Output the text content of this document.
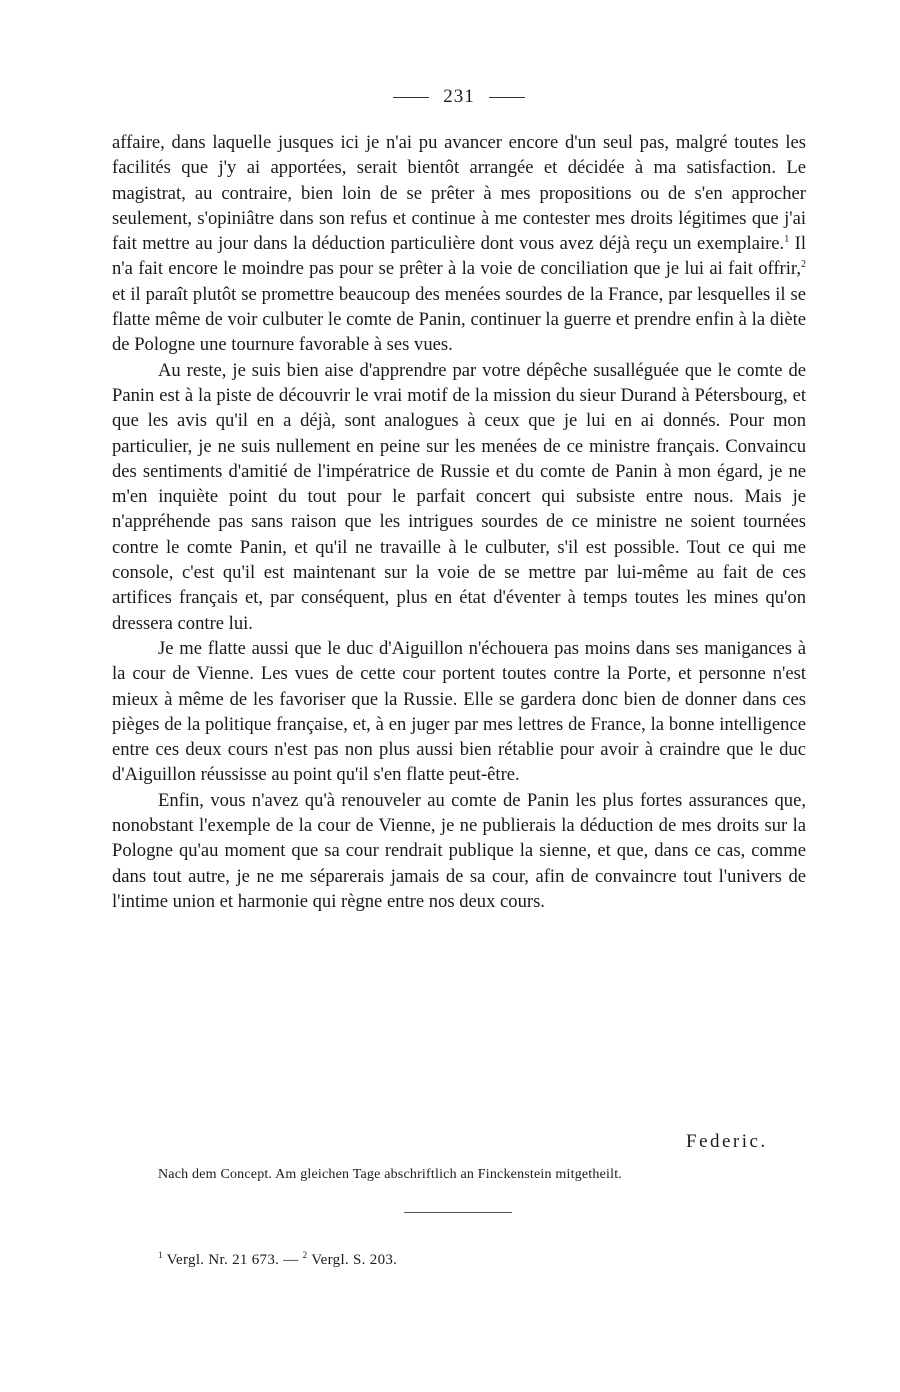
231

affaire, dans laquelle jusques ici je n'ai pu avancer encore d'un seul pas, malgré toutes les facilités que j'y ai apportées, serait bientôt arrangée et décidée à ma satisfaction. Le magistrat, au contraire, bien loin de se prêter à mes propositions ou de s'en approcher seulement, s'opiniâtre dans son refus et continue à me contester mes droits légitimes que j'ai fait mettre au jour dans la déduction particulière dont vous avez déjà reçu un exemplaire.$^1$ Il n'a fait encore le moindre pas pour se prêter à la voie de conciliation que je lui ai fait offrir,$^2$ et il paraît plutôt se promettre beaucoup des menées sourdes de la France, par lesquelles il se flatte même de voir culbuter le comte de Panin, continuer la guerre et prendre enfin à la diète de Pologne une tournure favorable à ses vues.

Au reste, je suis bien aise d'apprendre par votre dépêche susalléguée que le comte de Panin est à la piste de découvrir le vrai motif de la mission du sieur Durand à Pétersbourg, et que les avis qu'il en a déjà, sont analogues à ceux que je lui en ai donnés. Pour mon particulier, je ne suis nullement en peine sur les menées de ce ministre français. Convaincu des sentiments d'amitié de l'impératrice de Russie et du comte de Panin à mon égard, je ne m'en inquiète point du tout pour le parfait concert qui subsiste entre nous. Mais je n'appréhende pas sans raison que les intrigues sourdes de ce ministre ne soient tournées contre le comte Panin, et qu'il ne travaille à le culbuter, s'il est possible. Tout ce qui me console, c'est qu'il est maintenant sur la voie de se mettre par lui-même au fait de ces artifices français et, par conséquent, plus en état d'éventer à temps toutes les mines qu'on dressera contre lui.

Je me flatte aussi que le duc d'Aiguillon n'échouera pas moins dans ses manigances à la cour de Vienne. Les vues de cette cour portent toutes contre la Porte, et personne n'est mieux à même de les favoriser que la Russie. Elle se gardera donc bien de donner dans ces pièges de la politique française, et, à en juger par mes lettres de France, la bonne intelligence entre ces deux cours n'est pas non plus aussi bien rétablie pour avoir à craindre que le duc d'Aiguillon réussisse au point qu'il s'en flatte peut-être.

Enfin, vous n'avez qu'à renouveler au comte de Panin les plus fortes assurances que, nonobstant l'exemple de la cour de Vienne, je ne publierais la déduction de mes droits sur la Pologne qu'au moment que sa cour rendrait publique la sienne, et que, dans ce cas, comme dans tout autre, je ne me séparerais jamais de sa cour, afin de convaincre tout l'univers de l'intime union et harmonie qui règne entre nos deux cours.

Federic.
Nach dem Concept. Am gleichen Tage abschriftlich an Finckenstein mitgetheilt.
$^1$ Vergl. Nr. 21 673. — $^2$ Vergl. S. 203.
